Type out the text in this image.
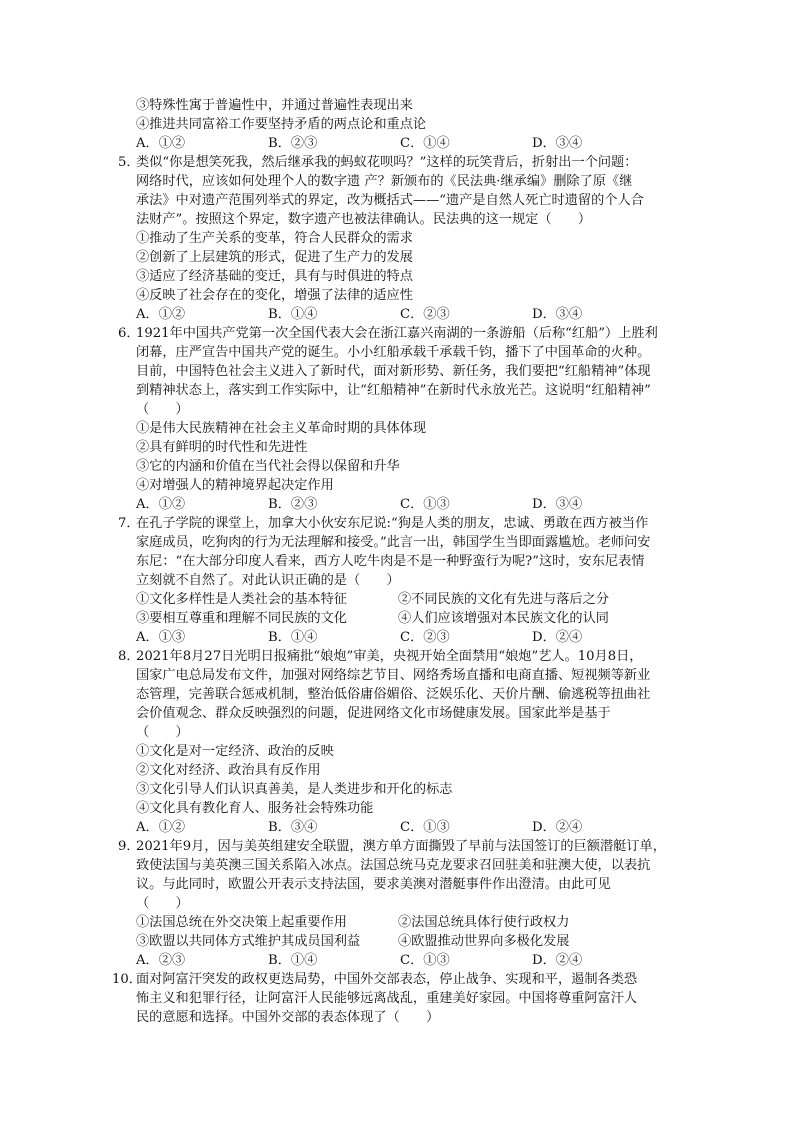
③特殊性寓于普遍性中，并通过普遍性表现出来
④推进共同富裕工作要坚持矛盾的两点论和重点论
A．①②	B．②③	C．①④	D．③④
5．
类似“你是想笑死我，然后继承我的蚂蚁花呗吗？”这样的玩笑背后，折射出一个问题：
网络时代，应该如何处理个人的数字遗 产？新颁布的《民法典·继承编》删除了原《继
承法》中对遗产范围列举式的界定，改为概括式——“遗产是自然人死亡时遗留的个人合
法财产”。按照这个界定，数字遗产也被法律确认。民法典的这一规定（　　）
①推动了生产关系的变革，符合人民群众的需求
②创新了上层建筑的形式，促进了生产力的发展
③适应了经济基础的变迁，具有与时俱进的特点
④反映了社会存在的变化，增强了法律的适应性
A．①②	B．①④	C．②③	D．③④
6．
1921年中国共产党第一次全国代表大会在浙江嘉兴南湖的一条游船（后称“红船”）上胜利
闭幕，庄严宣告中国共产党的诞生。小小红船承载千承载千钧，播下了中国革命的火种。
目前，中国特色社会主义进入了新时代，面对新形势、新任务，我们要把“红船精神”体现
到精神状态上，落实到工作实际中，让“红船精神”在新时代永放光芒。这说明“红船精神”
（　　）
①是伟大民族精神在社会主义革命时期的具体体现
②具有鲜明的时代性和先进性
③它的内涵和价值在当代社会得以保留和升华
④对增强人的精神境界起决定作用
A．①②	B．②③	C．①③	D．③④
7．
在孔子学院的课堂上，加拿大小伙安东尼说:“狗是人类的朋友，忠诚、勇敢在西方被当作
家庭成员，吃狗肉的行为无法理解和接受。”此言一出，韩国学生当即面露尴尬。老师问安
东尼：“在大部分印度人看来，西方人吃牛肉是不是一种野蛮行为呢?”这时，安东尼表情
立刻就不自然了。对此认识正确的是（　　）
①文化多样性是人类社会的基本特征	②不同民族的文化有先进与落后之分
③要相互尊重和理解不同民族的文化	④人们应该增强对本民族文化的认同
A．①③	B．①④	C．②③	D．②④
8．
2021年8月27日光明日报痛批“娘炮”审美，央视开始全面禁用“娘炮”艺人。10月8日，
国家广电总局发布文件，加强对网络综艺节目、网络秀场直播和电商直播、短视频等新业
态管理，完善联合惩戒机制，整治低俗庸俗媚俗、泛娱乐化、天价片酬、偷逃税等扭曲社
会价值观念、群众反映强烈的问题，促进网络文化市场健康发展。国家此举是基于
（　　）
①文化是对一定经济、政治的反映
②文化对经济、政治具有反作用
③文化引导人们认识真善美，是人类进步和开化的标志
④文化具有教化育人、服务社会特殊功能
A．①②	B．③④	C．①③	D．②④
9．
2021年9月，因与美英组建安全联盟，澳方单方面撕毁了早前与法国签订的巨额潜艇订单，
致使法国与美英澳三国关系陷入冰点。法国总统马克龙要求召回驻美和驻澳大使，以表抗
议。与此同时，欧盟公开表示支持法国，要求美澳对潜艇事件作出澄清。由此可见
（　　）
①法国总统在外交决策上起重要作用	②法国总统具体行使行政权力
③欧盟以共同体方式维护其成员国利益	④欧盟推动世界向多极化发展
A．②③	B．①④	C．①③	D．②④
10．
面对阿富汗突发的政权更迭局势，中国外交部表态，停止战争、实现和平，遏制各类恐
怖主义和犯罪行径，让阿富汗人民能够远离战乱，重建美好家园。中国将尊重阿富汗人
民的意愿和选择。中国外交部的表态体现了（　　）
